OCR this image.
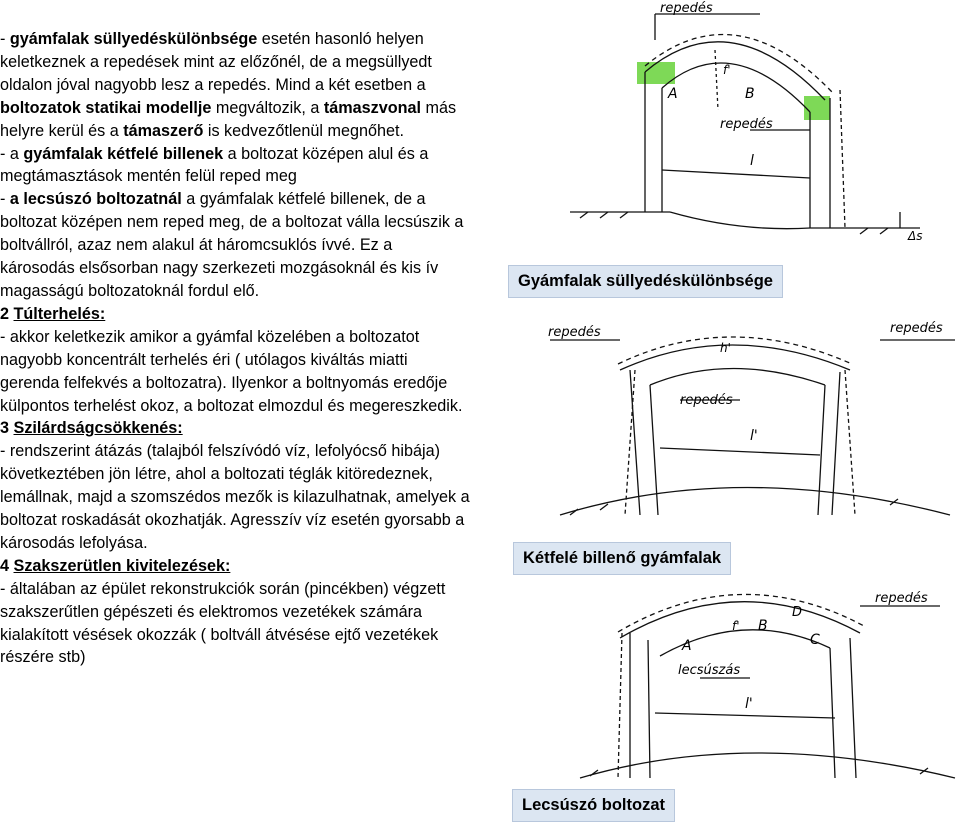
- gyámfalak süllyedéskülönbsége esetén hasonló helyen keletkeznek a repedések mint az előzőnél, de a megsüllyedt oldalon jóval nagyobb lesz a repedés. Mind a két esetben a boltozatok statikai modellje megváltozik, a támaszvonal más helyre kerül és a támaszerő is kedvezőtlenül megnőhet.

- a gyámfalak kétfelé billenek a boltozat középen alul és a megtámasztások mentén felül reped meg

- a lecsúszó boltozatnál a gyámfalak kétfelé billenek, de a boltozat középen nem reped meg, de a boltozat válla lecsúszik a boltvállról, azaz nem alakul át háromcsuklós ívvé. Ez a károsodás elsősorban nagy szerkezeti mozgásoknál és kis ív magasságú boltozatoknál fordul elő.

2 Túlterhelés:

- akkor keletkezik amikor a gyámfal közelében a boltozatot nagyobb koncentrált terhelés éri ( utólagos kiváltás miatti gerenda felfekvés a boltozatra). Ilyenkor a boltnyomás eredője külpontos terhelést okoz, a boltozat elmozdul és megereszkedik.

3 Szilárdságcsökkenés:

- rendszerint átázás (talajból felszívódó víz, lefolyócső hibája) következtében jön létre, ahol a boltozati téglák kitöredeznek, lemállnak, majd a szomszédos mezők is kilazulhatnak, amelyek a boltozat roskadását okozhatják. Agresszív víz esetén gyorsabb a károsodás lefolyása.

4 Szakszerütlen kivitelezések:

- általában az épület rekonstrukciók során (pincékben) végzett szakszerűtlen gépészeti és elektromos vezetékek számára kialakított vésések okozzák ( boltváll átvésése ejtő vezetékek részére stb)

repedés
repedés
f'
A	B
l
Δs
Gyámfalak süllyedéskülönbsége
repedés	repedés
h'
repedés
l'
Kétfelé billenő gyámfalak
repedés
f' B
D
A	C
lecsúszás
l'
Lecsúszó boltozat
